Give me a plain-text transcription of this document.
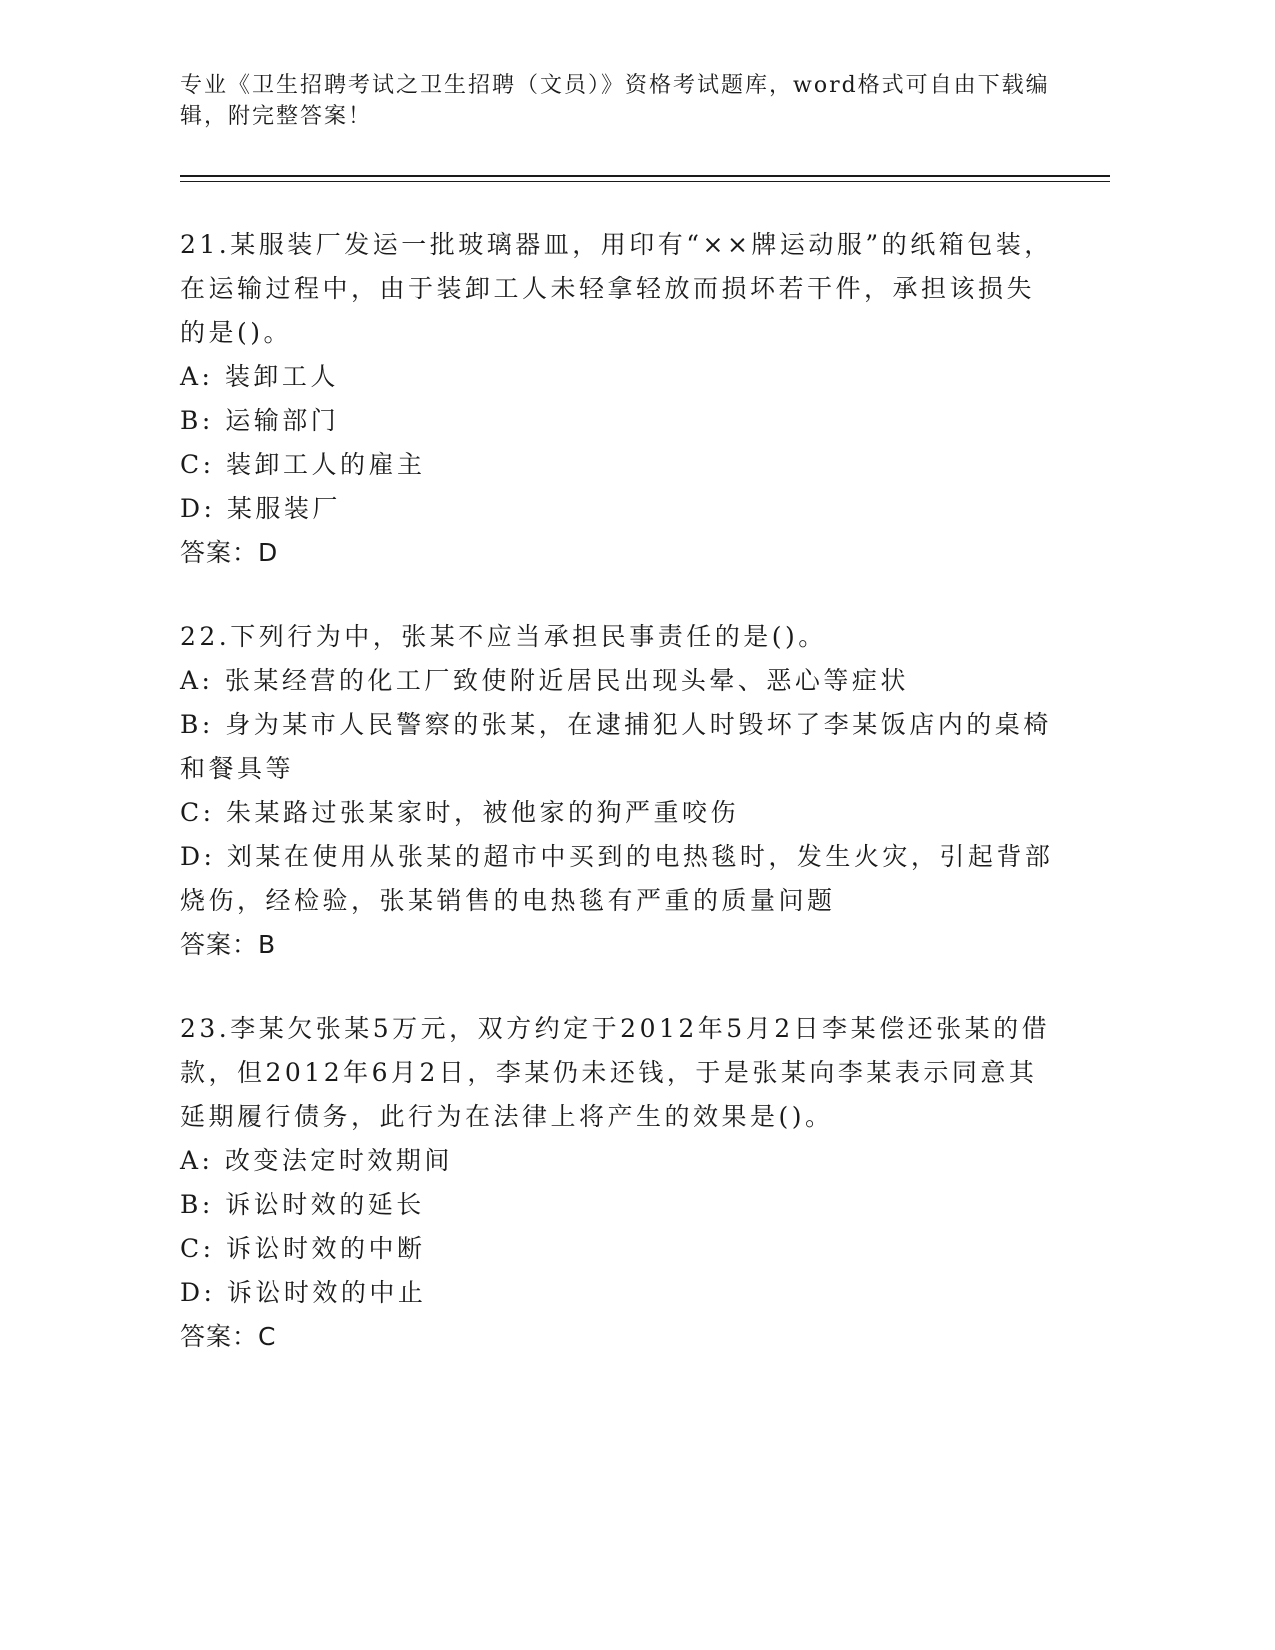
专业《卫生招聘考试之卫生招聘（文员）》资格考试题库，word格式可自由下载编辑，附完整答案！

21.某服装厂发运一批玻璃器皿，用印有“××牌运动服”的纸箱包装，在运输过程中，由于装卸工人未轻拿轻放而损坏若干件，承担该损失的是()。

A: 装卸工人

B: 运输部门

C: 装卸工人的雇主

D: 某服装厂

答案：D

22.下列行为中，张某不应当承担民事责任的是()。

A: 张某经营的化工厂致使附近居民出现头晕、恶心等症状

B: 身为某市人民警察的张某，在逮捕犯人时毁坏了李某饭店内的桌椅和餐具等

C: 朱某路过张某家时，被他家的狗严重咬伤

D: 刘某在使用从张某的超市中买到的电热毯时，发生火灾，引起背部烧伤，经检验，张某销售的电热毯有严重的质量问题

答案：B

23.李某欠张某5万元，双方约定于2012年5月2日李某偿还张某的借款，但2012年6月2日，李某仍未还钱，于是张某向李某表示同意其延期履行债务，此行为在法律上将产生的效果是()。

A: 改变法定时效期间

B: 诉讼时效的延长

C: 诉讼时效的中断

D: 诉讼时效的中止

答案：C
